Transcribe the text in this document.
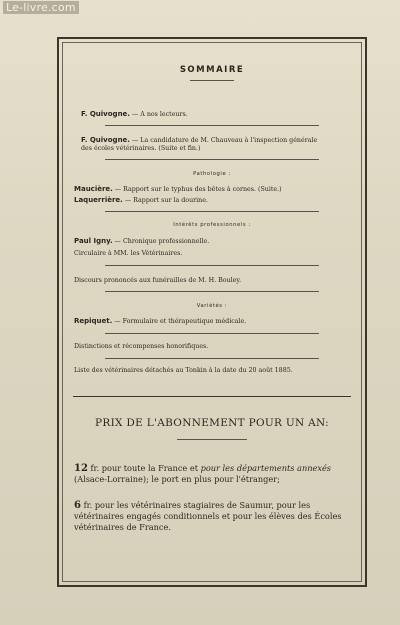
Le-livre.com
SOMMAIRE
F. Quivogne. — A nos lecteurs.
F. Quivogne. — La candidature de M. Chauveau à l'inspection générale
des écoles vétérinaires. (Suite et fin.)
Pathologie :
Maucière. — Rapport sur le typhus des bêtes à cornes. (Suite.)
Laquerrière. — Rapport sur la dourine.
Intérêts professionnels :
Paul Igny. — Chronique professionnelle.
Circulaire à MM. les Vétérinaires.
Discours prononcés aux funérailles de M. H. Bouley.
Variétés :
Repiquet. — Formulaire et thérapeutique médicale.
Distinctions et récompenses honorifiques.
Liste des vétérinaires détachés au Tonkin à la date du 20 août 1885.
PRIX DE L'ABONNEMENT POUR UN AN:
12 fr. pour toute la France et pour les départements annexés (Alsace-Lorraine); le port en plus pour l'étranger;
6 fr. pour les vétérinaires stagiaires de Saumur, pour les vétérinaires engagés conditionnels et pour les élèves des Écoles vétérinaires de France.
